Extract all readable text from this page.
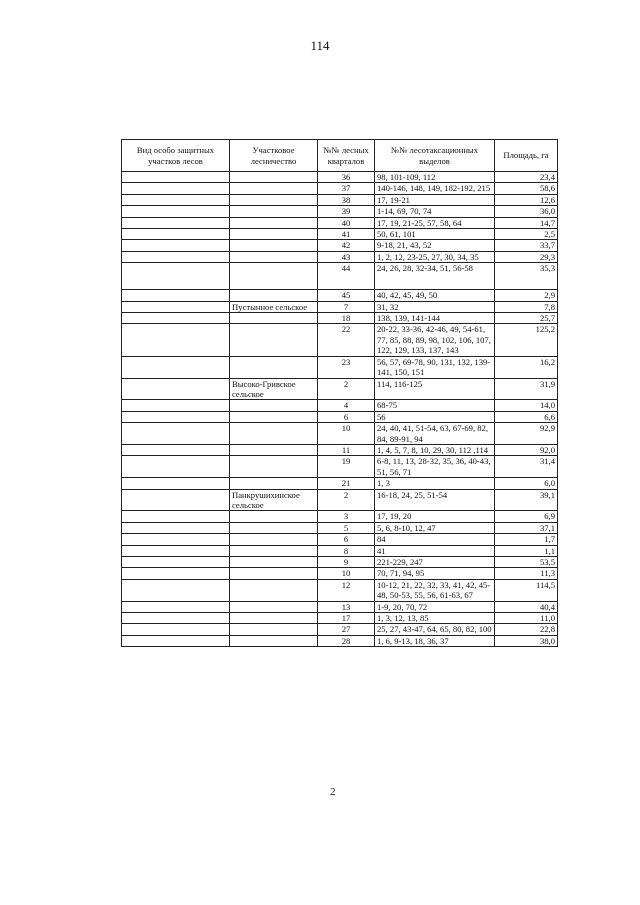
114
Вид особо защитных участков лесов	Участковое лесничество	№№ лесных кварталов	№№ лесотаксационных выделов	Площадь, га
		36	98, 101-109, 112	23,4
		37	140-146, 148, 149, 182-192, 215	58,6
		38	17, 19-21	12,6
		39	1-14, 69, 70, 74	36,0
		40	17, 19, 21-25, 57, 58, 64	14,7
		41	50, 61, 101	2,5
		42	9-18, 21, 43, 52	33,7
		43	1, 2, 12, 23-25, 27, 30, 34, 35	29,3
		44	24, 26, 28, 32-34, 51, 56-58	35,3
		45	40, 42, 45, 49, 50	2,9
	Пустынное сельское	7	31, 32	7,8
		18	138, 139, 141-144	25,7
		22	20-22, 33-36, 42-46, 49, 54-61, 77, 85, 88, 89, 98, 102, 106, 107, 122, 129, 133, 137, 143	125,2
		23	56, 57, 69-78, 90, 131, 132, 139-141, 150, 151	16,2
	Высоко-Гривское сельское	2	114, 116-125	31,9
		4	68-75	14,0
		6	56	6,6
		10	24, 40, 41, 51-54, 63, 67-69, 82, 84, 89-91, 94	92,9
		11	1, 4, 5, 7, 8, 10, 29, 30, 112 ,114	92,0
		19	6-8, 11, 13, 28-32, 35, 36, 40-43, 51, 56, 71	31,4
		21	1, 3	6,0
	Панкрушихинское сельское	2	16-18, 24, 25, 51-54	39,1
		3	17, 19, 20	6,9
		5	5, 6, 8-10, 12, 47	37,1
		6	84	1,7
		8	41	1,1
		9	221-229, 247	53,5
		10	70, 71, 94, 95	11,3
		12	10-12, 21, 22, 32, 33, 41, 42, 45-48, 50-53, 55, 56, 61-63, 67	114,5
		13	1-9, 20, 70, 72	40,4
		17	1, 3, 12, 13, 85	11,0
		27	25, 27, 43-47, 64, 65, 80, 82, 100	22,8
		28	1, 6, 9-13, 18, 36, 37	38,0
2
